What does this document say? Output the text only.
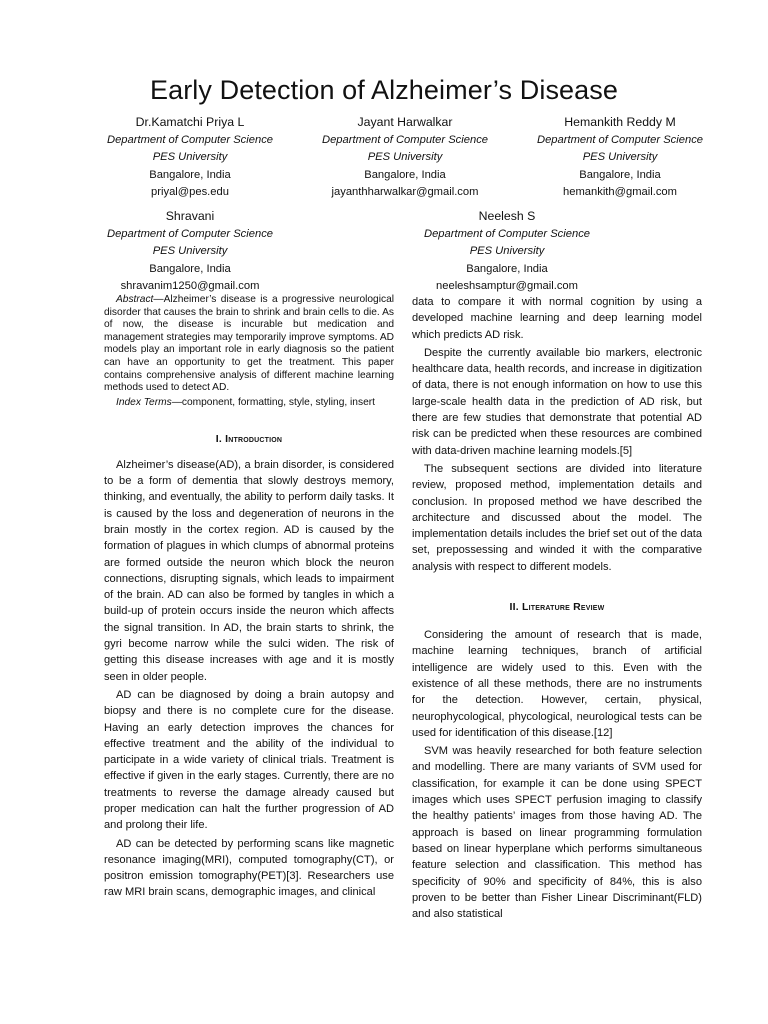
Early Detection of Alzheimer’s Disease
Dr.Kamatchi Priya L
Department of Computer Science
PES University
Bangalore, India
priyal@pes.edu
Jayant Harwalkar
Department of Computer Science
PES University
Bangalore, India
jayanthharwalkar@gmail.com
Hemankith Reddy M
Department of Computer Science
PES University
Bangalore, India
hemankith@gmail.com
Shravani
Department of Computer Science
PES University
Bangalore, India
shravanim1250@gmail.com
Neelesh S
Department of Computer Science
PES University
Bangalore, India
neeleshsamptur@gmail.com

Abstract—Alzheimer’s disease is a progressive neurological disorder that causes the brain to shrink and brain cells to die. As of now, the disease is incurable but medication and management strategies may temporarily improve symptoms. AD models play an important role in early diagnosis so the patient can have an opportunity to get the treatment. This paper contains comprehensive analysis of different machine learning methods used to detect AD.

Index Terms—component, formatting, style, styling, insert

I. Introduction

Alzheimer’s disease(AD), a brain disorder, is considered to be a form of dementia that slowly destroys memory, thinking, and eventually, the ability to perform daily tasks. It is caused by the loss and degeneration of neurons in the brain mostly in the cortex region. AD is caused by the formation of plagues in which clumps of abnormal proteins are formed outside the neuron which block the neuron connections, disrupting signals, which leads to impairment of the brain. AD can also be formed by tangles in which a build-up of protein occurs inside the neuron which affects the signal transition. In AD, the brain starts to shrink, the gyri become narrow while the sulci widen. The risk of getting this disease increases with age and it is mostly seen in older people.

AD can be diagnosed by doing a brain autopsy and biopsy and there is no complete cure for the disease. Having an early detection improves the chances for effective treatment and the ability of the individual to participate in a wide variety of clinical trials. Treatment is effective if given in the early stages. Currently, there are no treatments to reverse the damage already caused but proper medication can halt the further progression of AD and prolong their life.

AD can be detected by performing scans like magnetic resonance imaging(MRI), computed tomography(CT), or positron emission tomography(PET)[3]. Researchers use raw MRI brain scans, demographic images, and clinical

data to compare it with normal cognition by using a developed machine learning and deep learning model which predicts AD risk.

Despite the currently available bio markers, electronic healthcare data, health records, and increase in digitization of data, there is not enough information on how to use this large-scale health data in the prediction of AD risk, but there are few studies that demonstrate that potential AD risk can be predicted when these resources are combined with data-driven machine learning models.[5]

The subsequent sections are divided into literature review, proposed method, implementation details and conclusion. In proposed method we have described the architecture and discussed about the model. The implementation details includes the brief set out of the data set, prepossessing and winded it with the comparative analysis with respect to different models.

II. Literature Review

Considering the amount of research that is made, machine learning techniques, branch of artificial intelligence are widely used to this. Even with the existence of all these methods, there are no instruments for the detection. However, certain, physical, neurophycological, phycological, neurological tests can be used for identification of this disease.[12]

SVM was heavily researched for both feature selection and modelling. There are many variants of SVM used for classification, for example it can be done using SPECT images which uses SPECT perfusion imaging to classify the healthy patients’ images from those having AD. The approach is based on linear programming formulation based on linear hyperplane which performs simultaneous feature selection and classification. This method has specificity of 90% and specificity of 84%, this is also proven to be better than Fisher Linear Discriminant(FLD) and also statistical
